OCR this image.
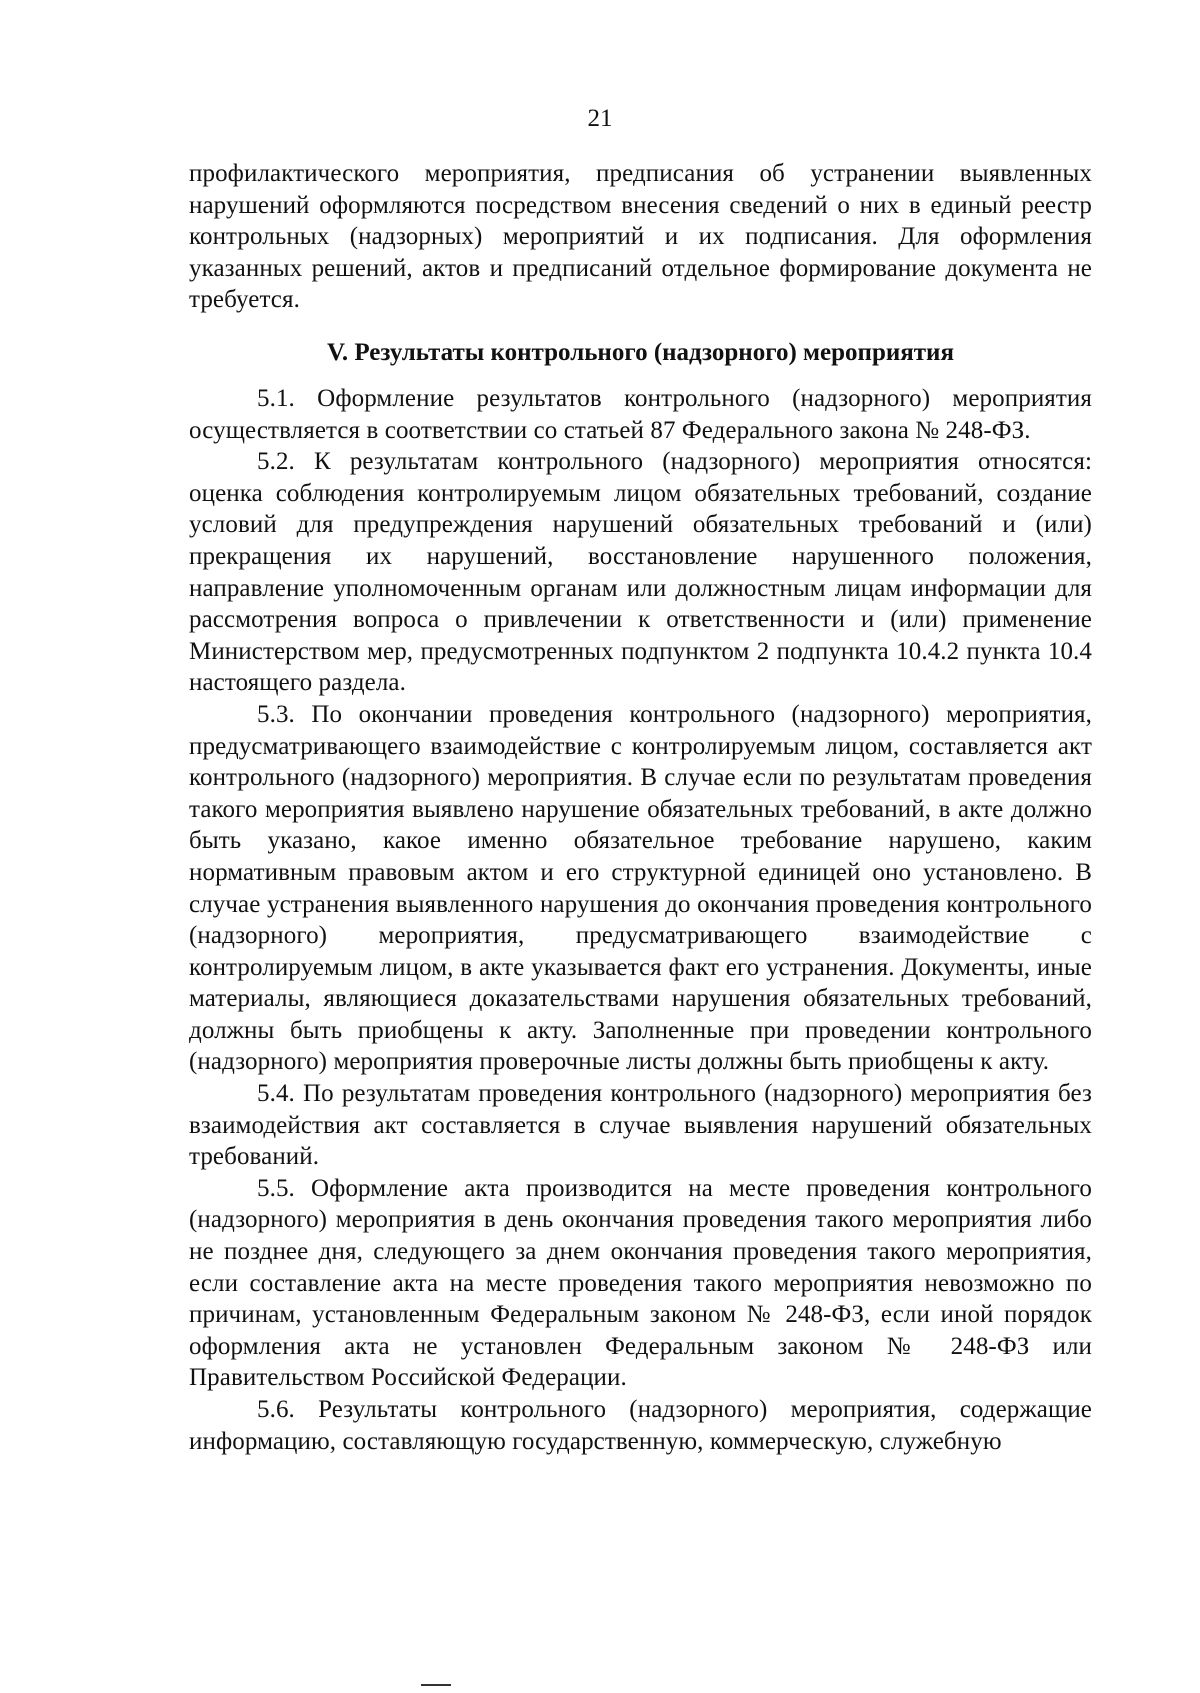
21

профилактического мероприятия, предписания об устранении выявленных нарушений оформляются посредством внесения сведений о них в единый реестр контрольных (надзорных) мероприятий и их подписания. Для оформления указанных решений, актов и предписаний отдельное формирование документа не требуется.

V. Результаты контрольного (надзорного) мероприятия

5.1. Оформление результатов контрольного (надзорного) мероприятия осуществляется в соответствии со статьей 87 Федерального закона № 248-ФЗ.

5.2. К результатам контрольного (надзорного) мероприятия относятся: оценка соблюдения контролируемым лицом обязательных требований, создание условий для предупреждения нарушений обязательных требований и (или) прекращения их нарушений, восстановление нарушенного положения, направление уполномоченным органам или должностным лицам информации для рассмотрения вопроса о привлечении к ответственности и (или) применение Министерством мер, предусмотренных подпунктом 2 подпункта 10.4.2 пункта 10.4 настоящего раздела.

5.3. По окончании проведения контрольного (надзорного) мероприятия, предусматривающего взаимодействие с контролируемым лицом, составляется акт контрольного (надзорного) мероприятия. В случае если по результатам проведения такого мероприятия выявлено нарушение обязательных требований, в акте должно быть указано, какое именно обязательное требование нарушено, каким нормативным правовым актом и его структурной единицей оно установлено. В случае устранения выявленного нарушения до окончания проведения контрольного (надзорного) мероприятия, предусматривающего взаимодействие с контролируемым лицом, в акте указывается факт его устранения. Документы, иные материалы, являющиеся доказательствами нарушения обязательных требований, должны быть приобщены к акту. Заполненные при проведении контрольного (надзорного) мероприятия проверочные листы должны быть приобщены к акту.

5.4. По результатам проведения контрольного (надзорного) мероприятия без взаимодействия акт составляется в случае выявления нарушений обязательных требований.

5.5. Оформление акта производится на месте проведения контрольного (надзорного) мероприятия в день окончания проведения такого мероприятия либо не позднее дня, следующего за днем окончания проведения такого мероприятия, если составление акта на месте проведения такого мероприятия невозможно по причинам, установленным Федеральным законом № 248-ФЗ, если иной порядок оформления акта не установлен Федеральным законом № 248-ФЗ или Правительством Российской Федерации.

5.6. Результаты контрольного (надзорного) мероприятия, содержащие информацию, составляющую государственную, коммерческую, служебную
